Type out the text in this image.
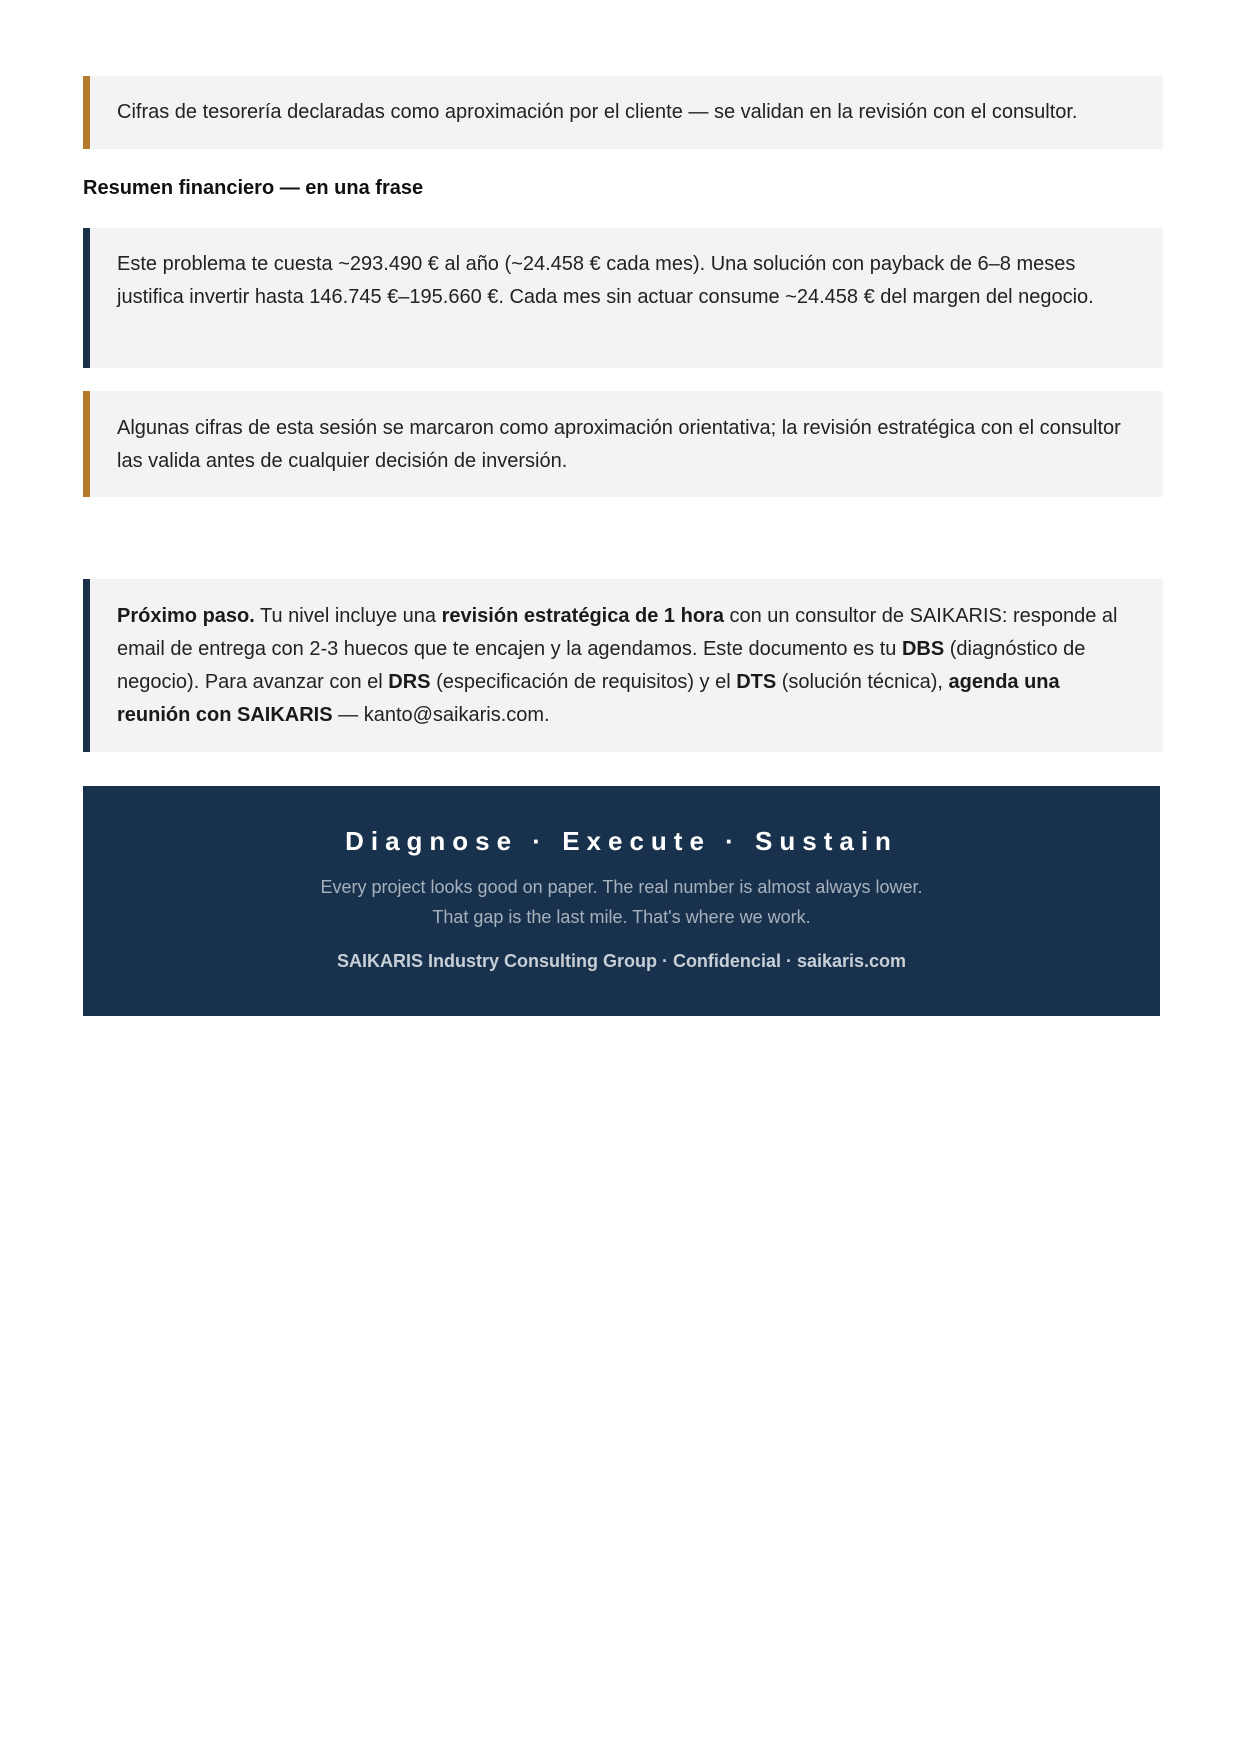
Cifras de tesorería declaradas como aproximación por el cliente — se validan en la revisión con el consultor.

Resumen financiero — en una frase

Este problema te cuesta ~293.490 € al año (~24.458 € cada mes). Una solución con payback de 6–8 meses justifica invertir hasta 146.745 €–195.660 €. Cada mes sin actuar consume ~24.458 € del margen del negocio.

Algunas cifras de esta sesión se marcaron como aproximación orientativa; la revisión estratégica con el consultor las valida antes de cualquier decisión de inversión.

Próximo paso. Tu nivel incluye una revisión estratégica de 1 hora con un consultor de SAIKARIS: responde al email de entrega con 2-3 huecos que te encajen y la agendamos. Este documento es tu DBS (diagnóstico de negocio). Para avanzar con el DRS (especificación de requisitos) y el DTS (solución técnica), agenda una reunión con SAIKARIS — kanto@saikaris.com.

Diagnose · Execute · Sustain

Every project looks good on paper. The real number is almost always lower.
That gap is the last mile. That's where we work.

SAIKARIS Industry Consulting Group · Confidencial · saikaris.com
